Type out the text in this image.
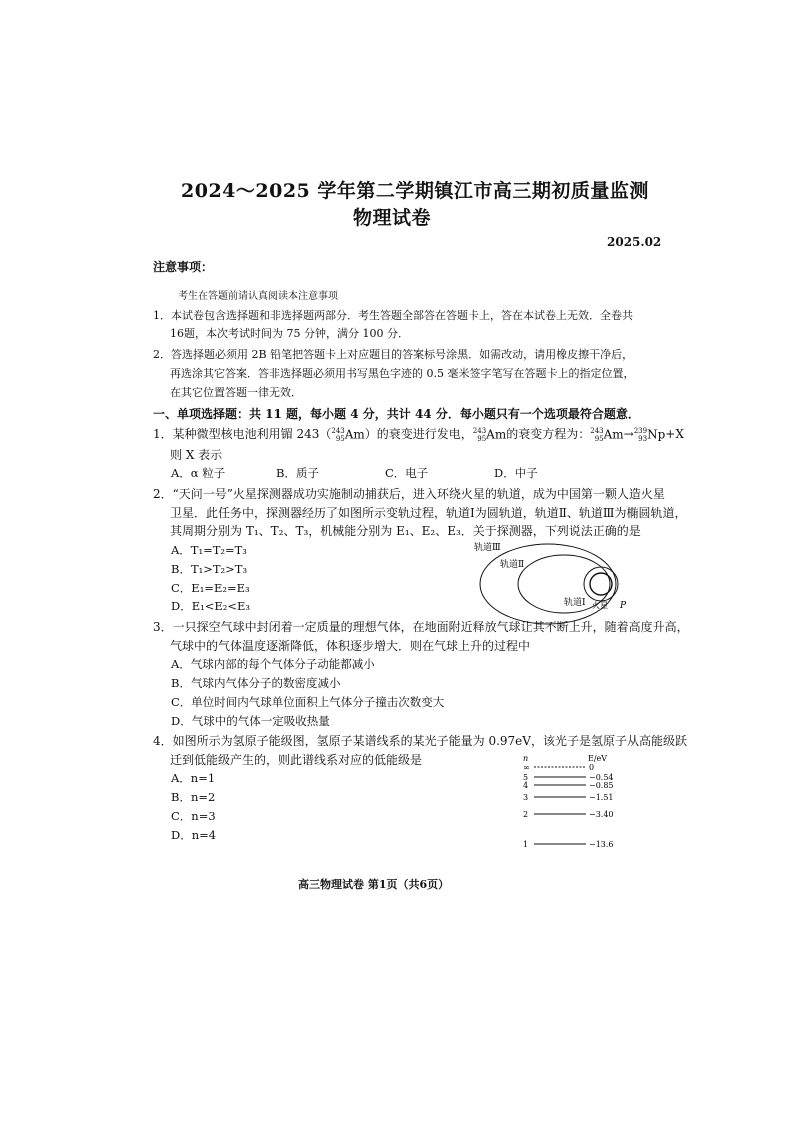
2024～2025 学年第二学期镇江市高三期初质量监测
物理试卷
2025.02
注意事项：
考生在答题前请认真阅读本注意事项
1．本试卷包含选择题和非选择题两部分．考生答题全部答在答题卡上，答在本试卷上无效．全卷共
16题，本次考试时间为 75 分钟，满分 100 分．
2．答选择题必须用 2B 铅笔把答题卡上对应题目的答案标号涂黑．如需改动，请用橡皮擦干净后，
再选涂其它答案．答非选择题必须用书写黑色字迹的 0.5 毫米签字笔写在答题卡上的指定位置，
在其它位置答题一律无效．
一、单项选择题：共 11 题，每小题 4 分，共计 44 分．每小题只有一个选项最符合题意．
1．某种微型核电池利用镅 243（ 243
95 Am）的衰变进行发电， 243
95 Am的衰变方程为： 243
95 Am→ 239
93 Np+X
则 X 表示
A．α 粒子	B．质子	C．电子	D．中子
2．“天问一号”火星探测器成功实施制动捕获后，进入环绕火星的轨道，成为中国第一颗人造火星
卫星．此任务中，探测器经历了如图所示变轨过程，轨道Ⅰ为圆轨道，轨道Ⅱ、轨道Ⅲ为椭圆轨道，
其周期分别为 T₁、T₂、T₃，机械能分别为 E₁、E₂、E₃．关于探测器，下列说法正确的是
A．T₁=T₂=T₃
B．T₁>T₂>T₃
C．E₁=E₂=E₃
D．E₁<E₂<E₃
轨道Ⅲ
轨道Ⅱ
轨道Ⅰ 火星 P
3．一只探空气球中封闭着一定质量的理想气体，在地面附近释放气球让其不断上升，随着高度升高，
气球中的气体温度逐渐降低，体积逐步增大．则在气球上升的过程中
A．气球内部的每个气体分子动能都减小
B．气球内气体分子的数密度减小
C．单位时间内气球单位面积上气体分子撞击次数变大
D．气球中的气体一定吸收热量
4．如图所示为氢原子能级图，氢原子某谱线系的某光子能量为 0.97eV，该光子是氢原子从高能级跃
迁到低能级产生的，则此谱线系对应的低能级是
A．n=1
B．n=2
C．n=3
D．n=4
n	E/eV
∞	0
5	−0.54
4	−0.85
3	−1.51
2	−3.40
1	−13.6
高三物理试卷 第1页（共6页）
